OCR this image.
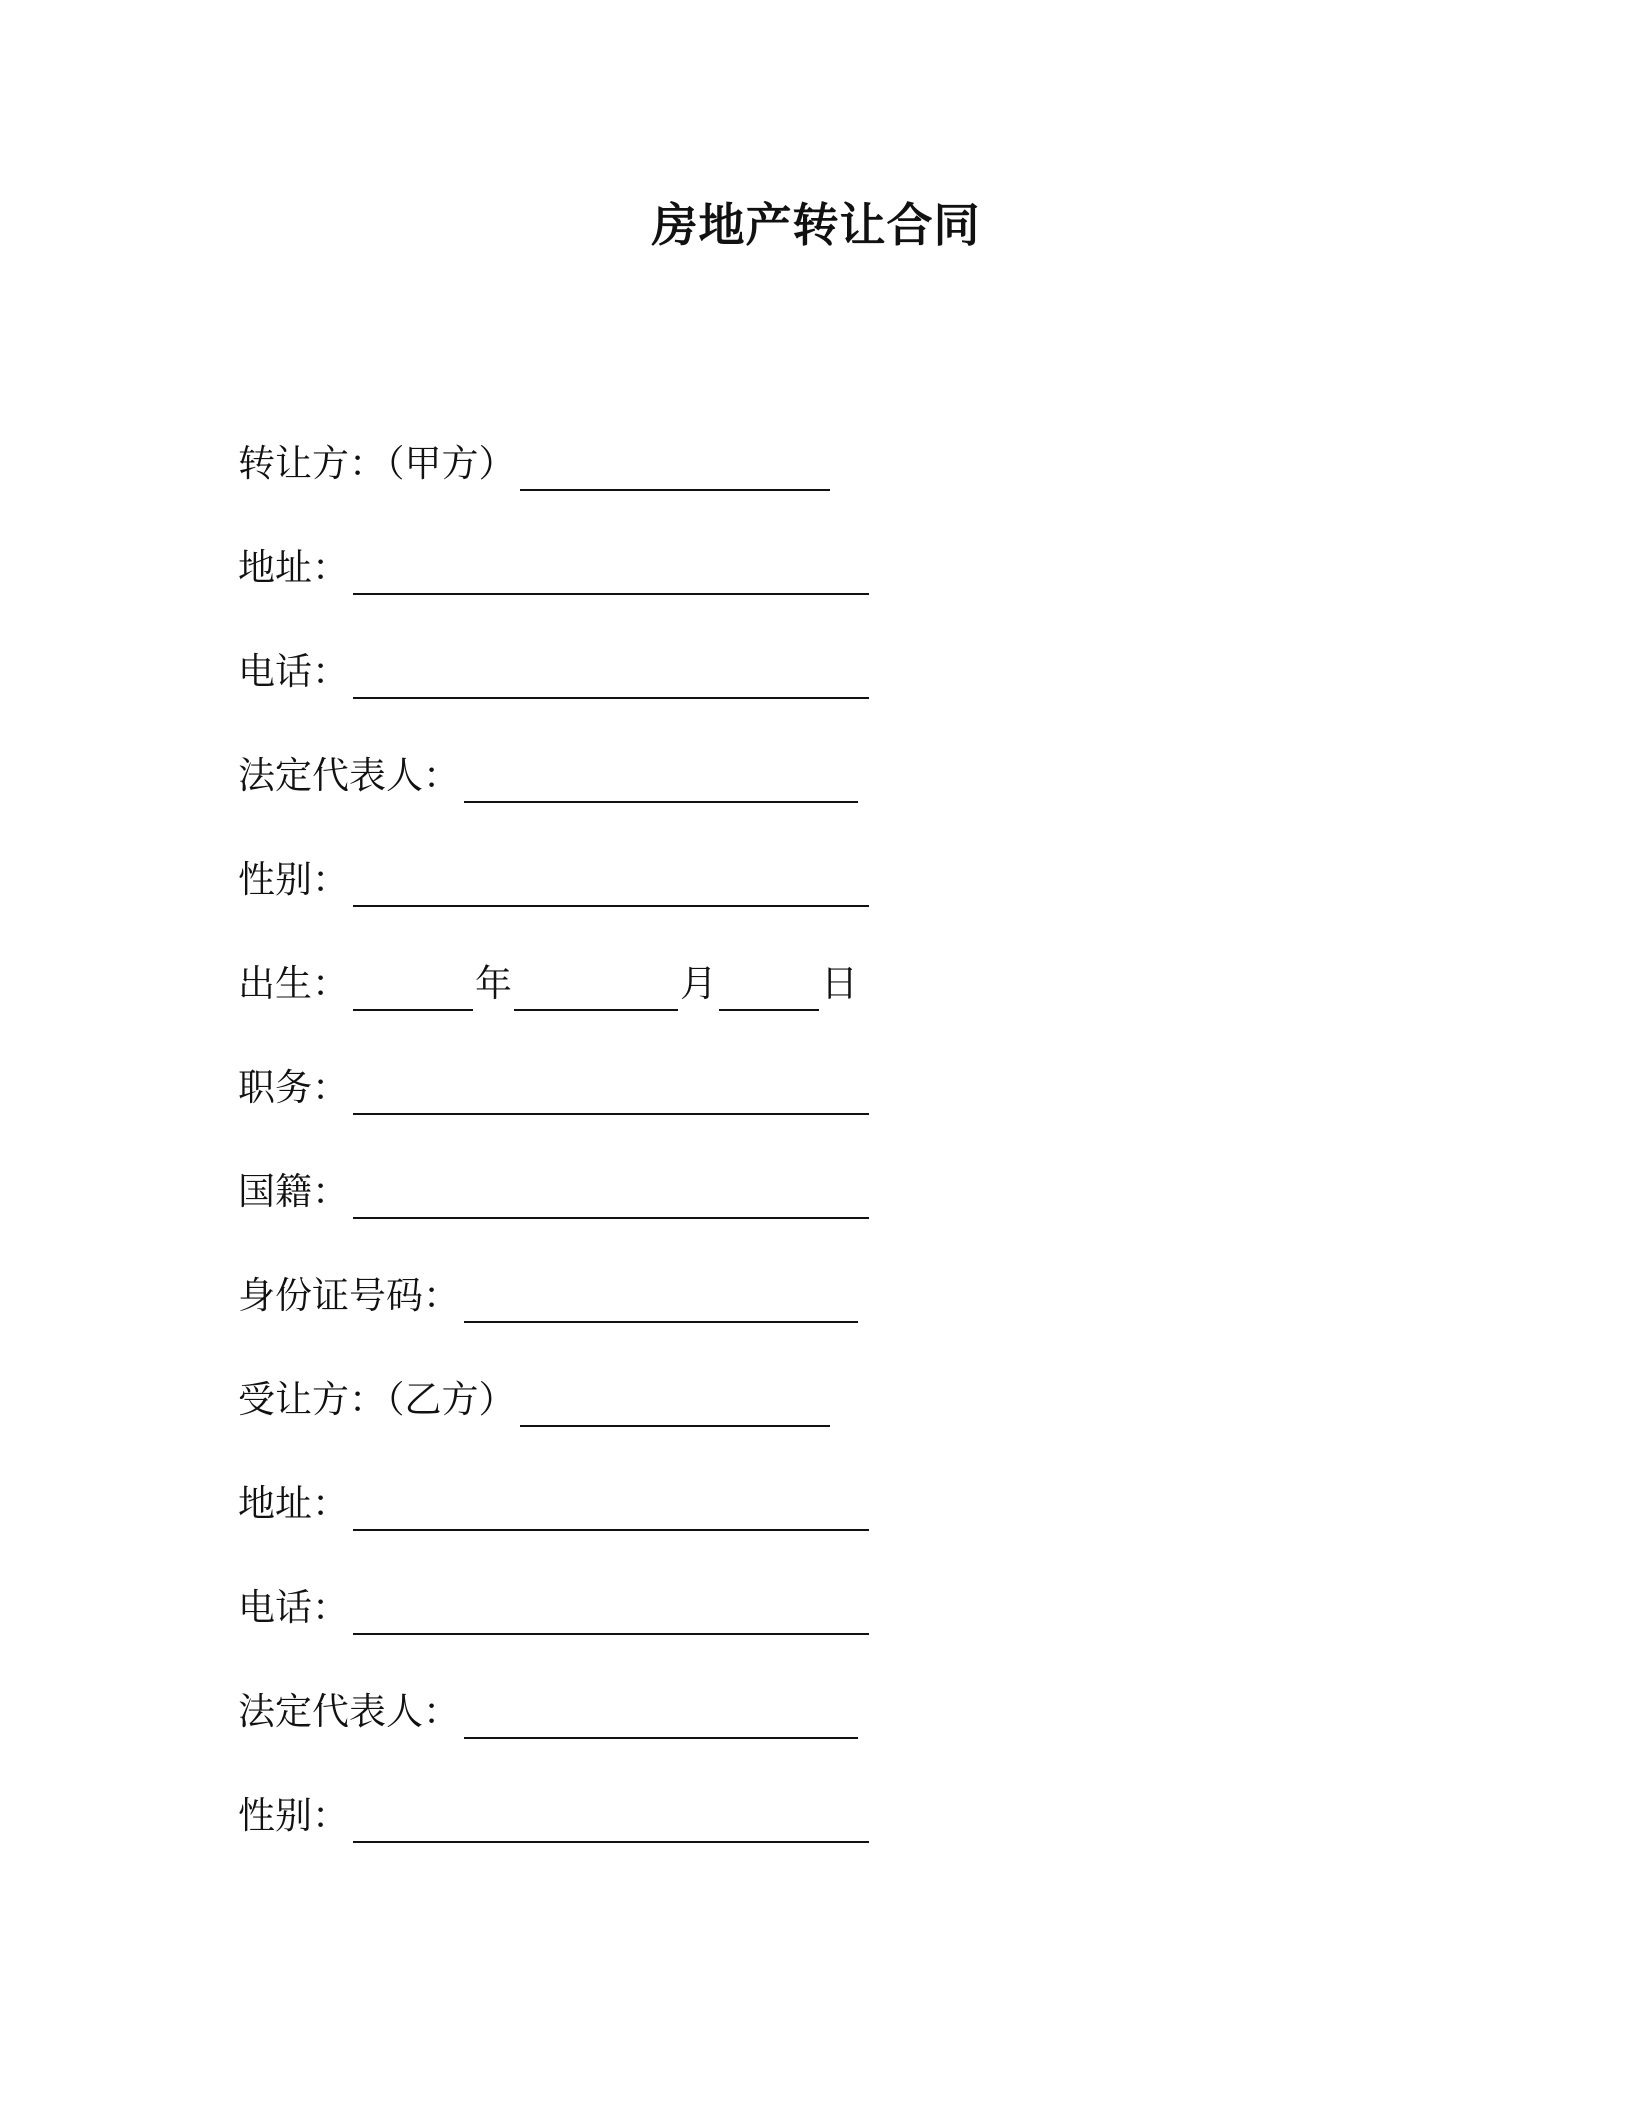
房地产转让合同
转让方：（甲方）
地址：
电话：
法定代表人：
性别：
出生：	年	月	日
职务：
国籍：
身份证号码：
受让方：（乙方）
地址：
电话：
法定代表人：
性别：
